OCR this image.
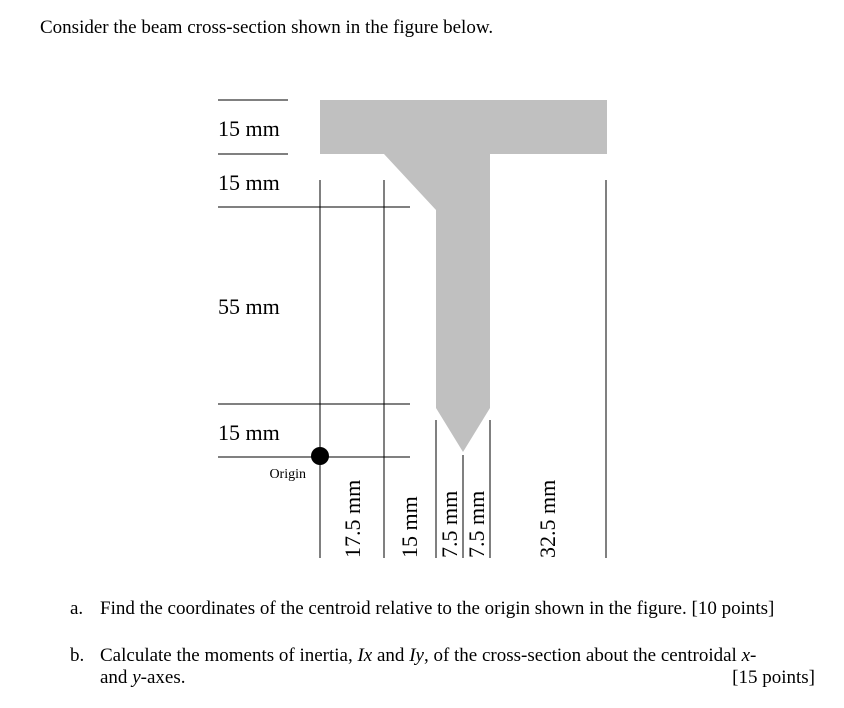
Consider the beam cross-section shown in the figure below.
15 mm
15 mm
55 mm
15 mm
Origin
17.5 mm 15 mm 7.5 mm 7.5 mm 32.5 mm
a. Find the coordinates of the centroid relative to the origin shown in the figure. [10 points]
b. Calculate the moments of inertia, Ix and Iy, of the cross-section about the centroidal x-
and y-axes.	[15 points]
